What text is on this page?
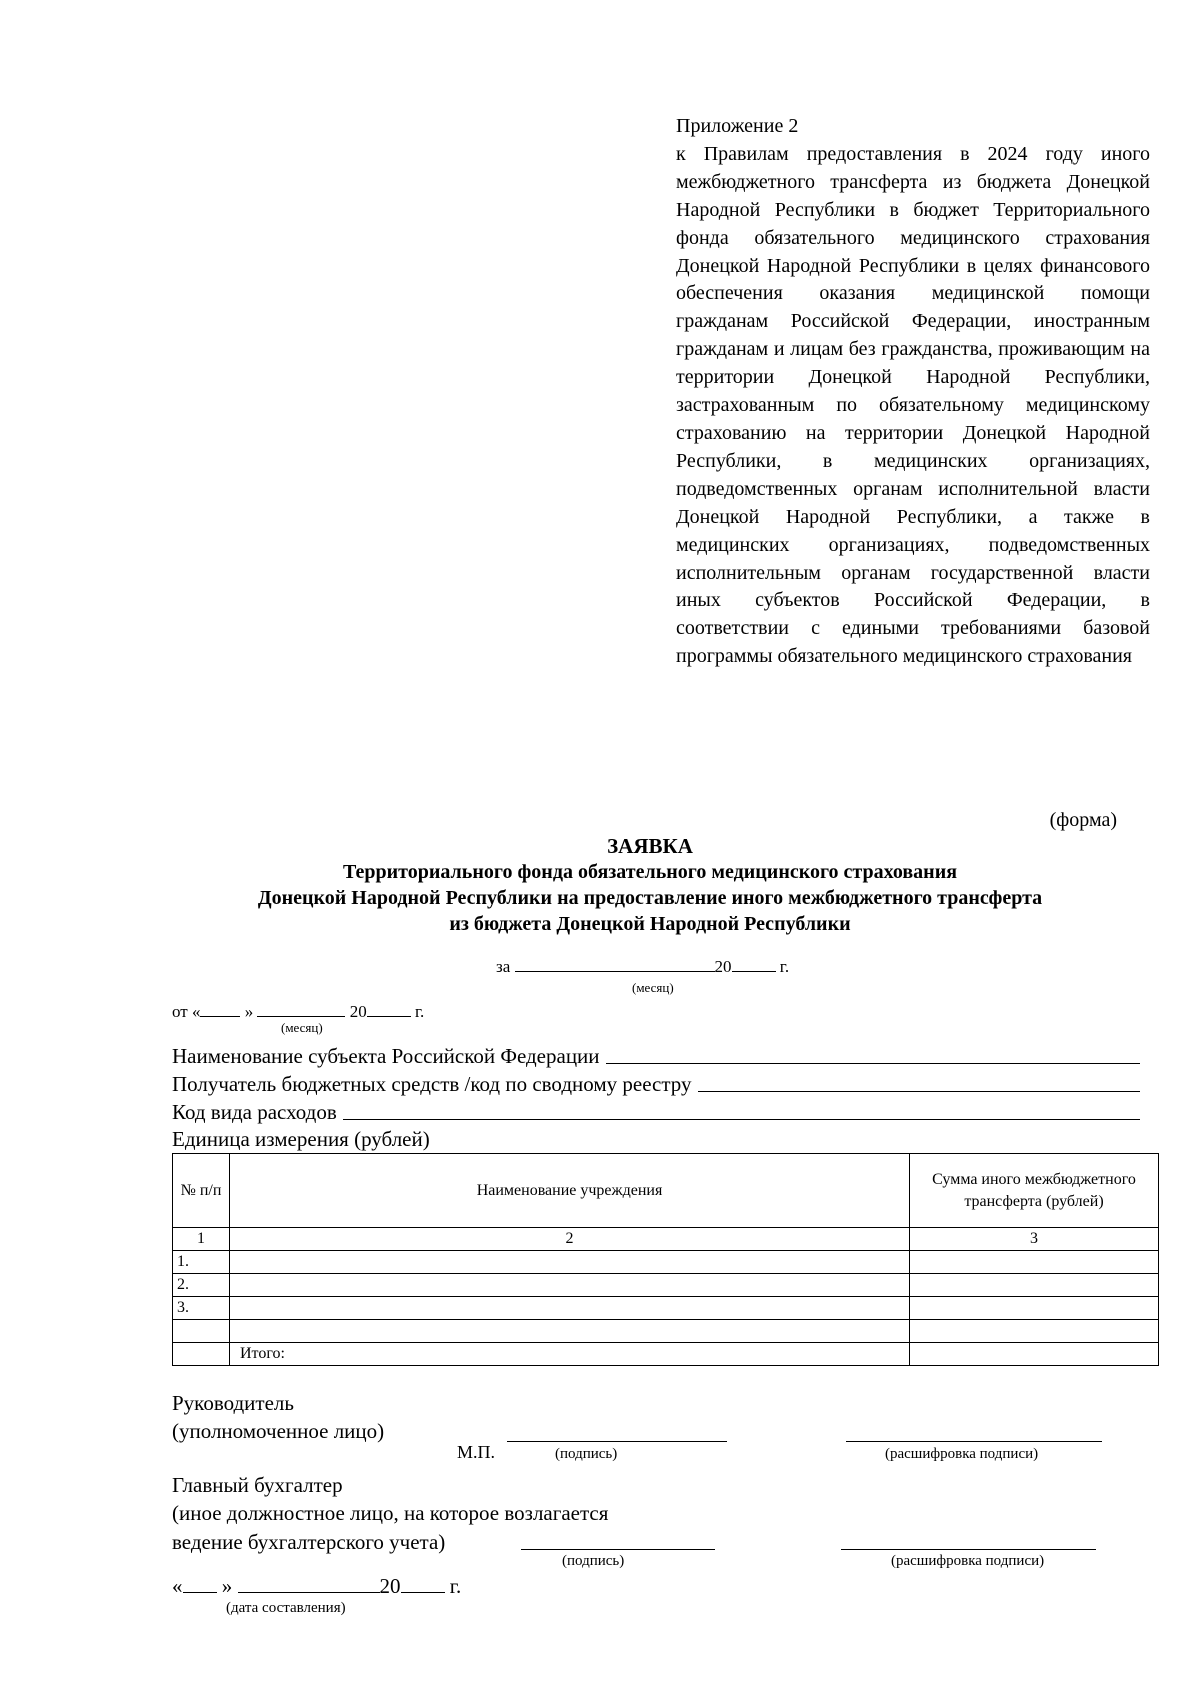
Приложение 2
к Правилам предоставления в 2024 году иного межбюджетного трансферта из бюджета Донецкой Народной Республики в бюджет Территориального фонда обязательного медицинского страхования Донецкой Народной Республики в целях финансового обеспечения оказания медицинской помощи гражданам Российской Федерации, иностранным гражданам и лицам без гражданства, проживающим на территории Донецкой Народной Республики, застрахованным по обязательному медицинскому страхованию на территории Донецкой Народной Республики, в медицинских организациях, подведомственных органам исполнительной власти Донецкой Народной Республики, а также в медицинских организациях, подведомственных исполнительным органам государственной власти иных субъектов Российской Федерации, в соответствии с едиными требованиями базовой программы обязательного медицинского страхования
(форма)
ЗАЯВКА
Территориального фонда обязательного медицинского страхования
Донецкой Народной Республики на предоставление иного межбюджетного трансферта
из бюджета Донецкой Народной Республики
за	20	г.
(месяц)
от «	»	20	г.
(месяц)
Наименование субъекта Российской Федерации
Получатель бюджетных средств /код по сводному реестру
Код вида расходов
Единица измерения (рублей)
№ п/п	Наименование учреждения	Сумма иного межбюджетного трансферта (рублей)
1	2	3
1.		
2.		
3.		

	Итого:	
Руководитель
(уполномоченное лицо)
М.П.	(подпись)	(расшифровка подписи)
Главный бухгалтер
(иное должностное лицо, на которое возлагается
ведение бухгалтерского учета)
(подпись)	(расшифровка подписи)
« »	20 г.
(дата составления)
